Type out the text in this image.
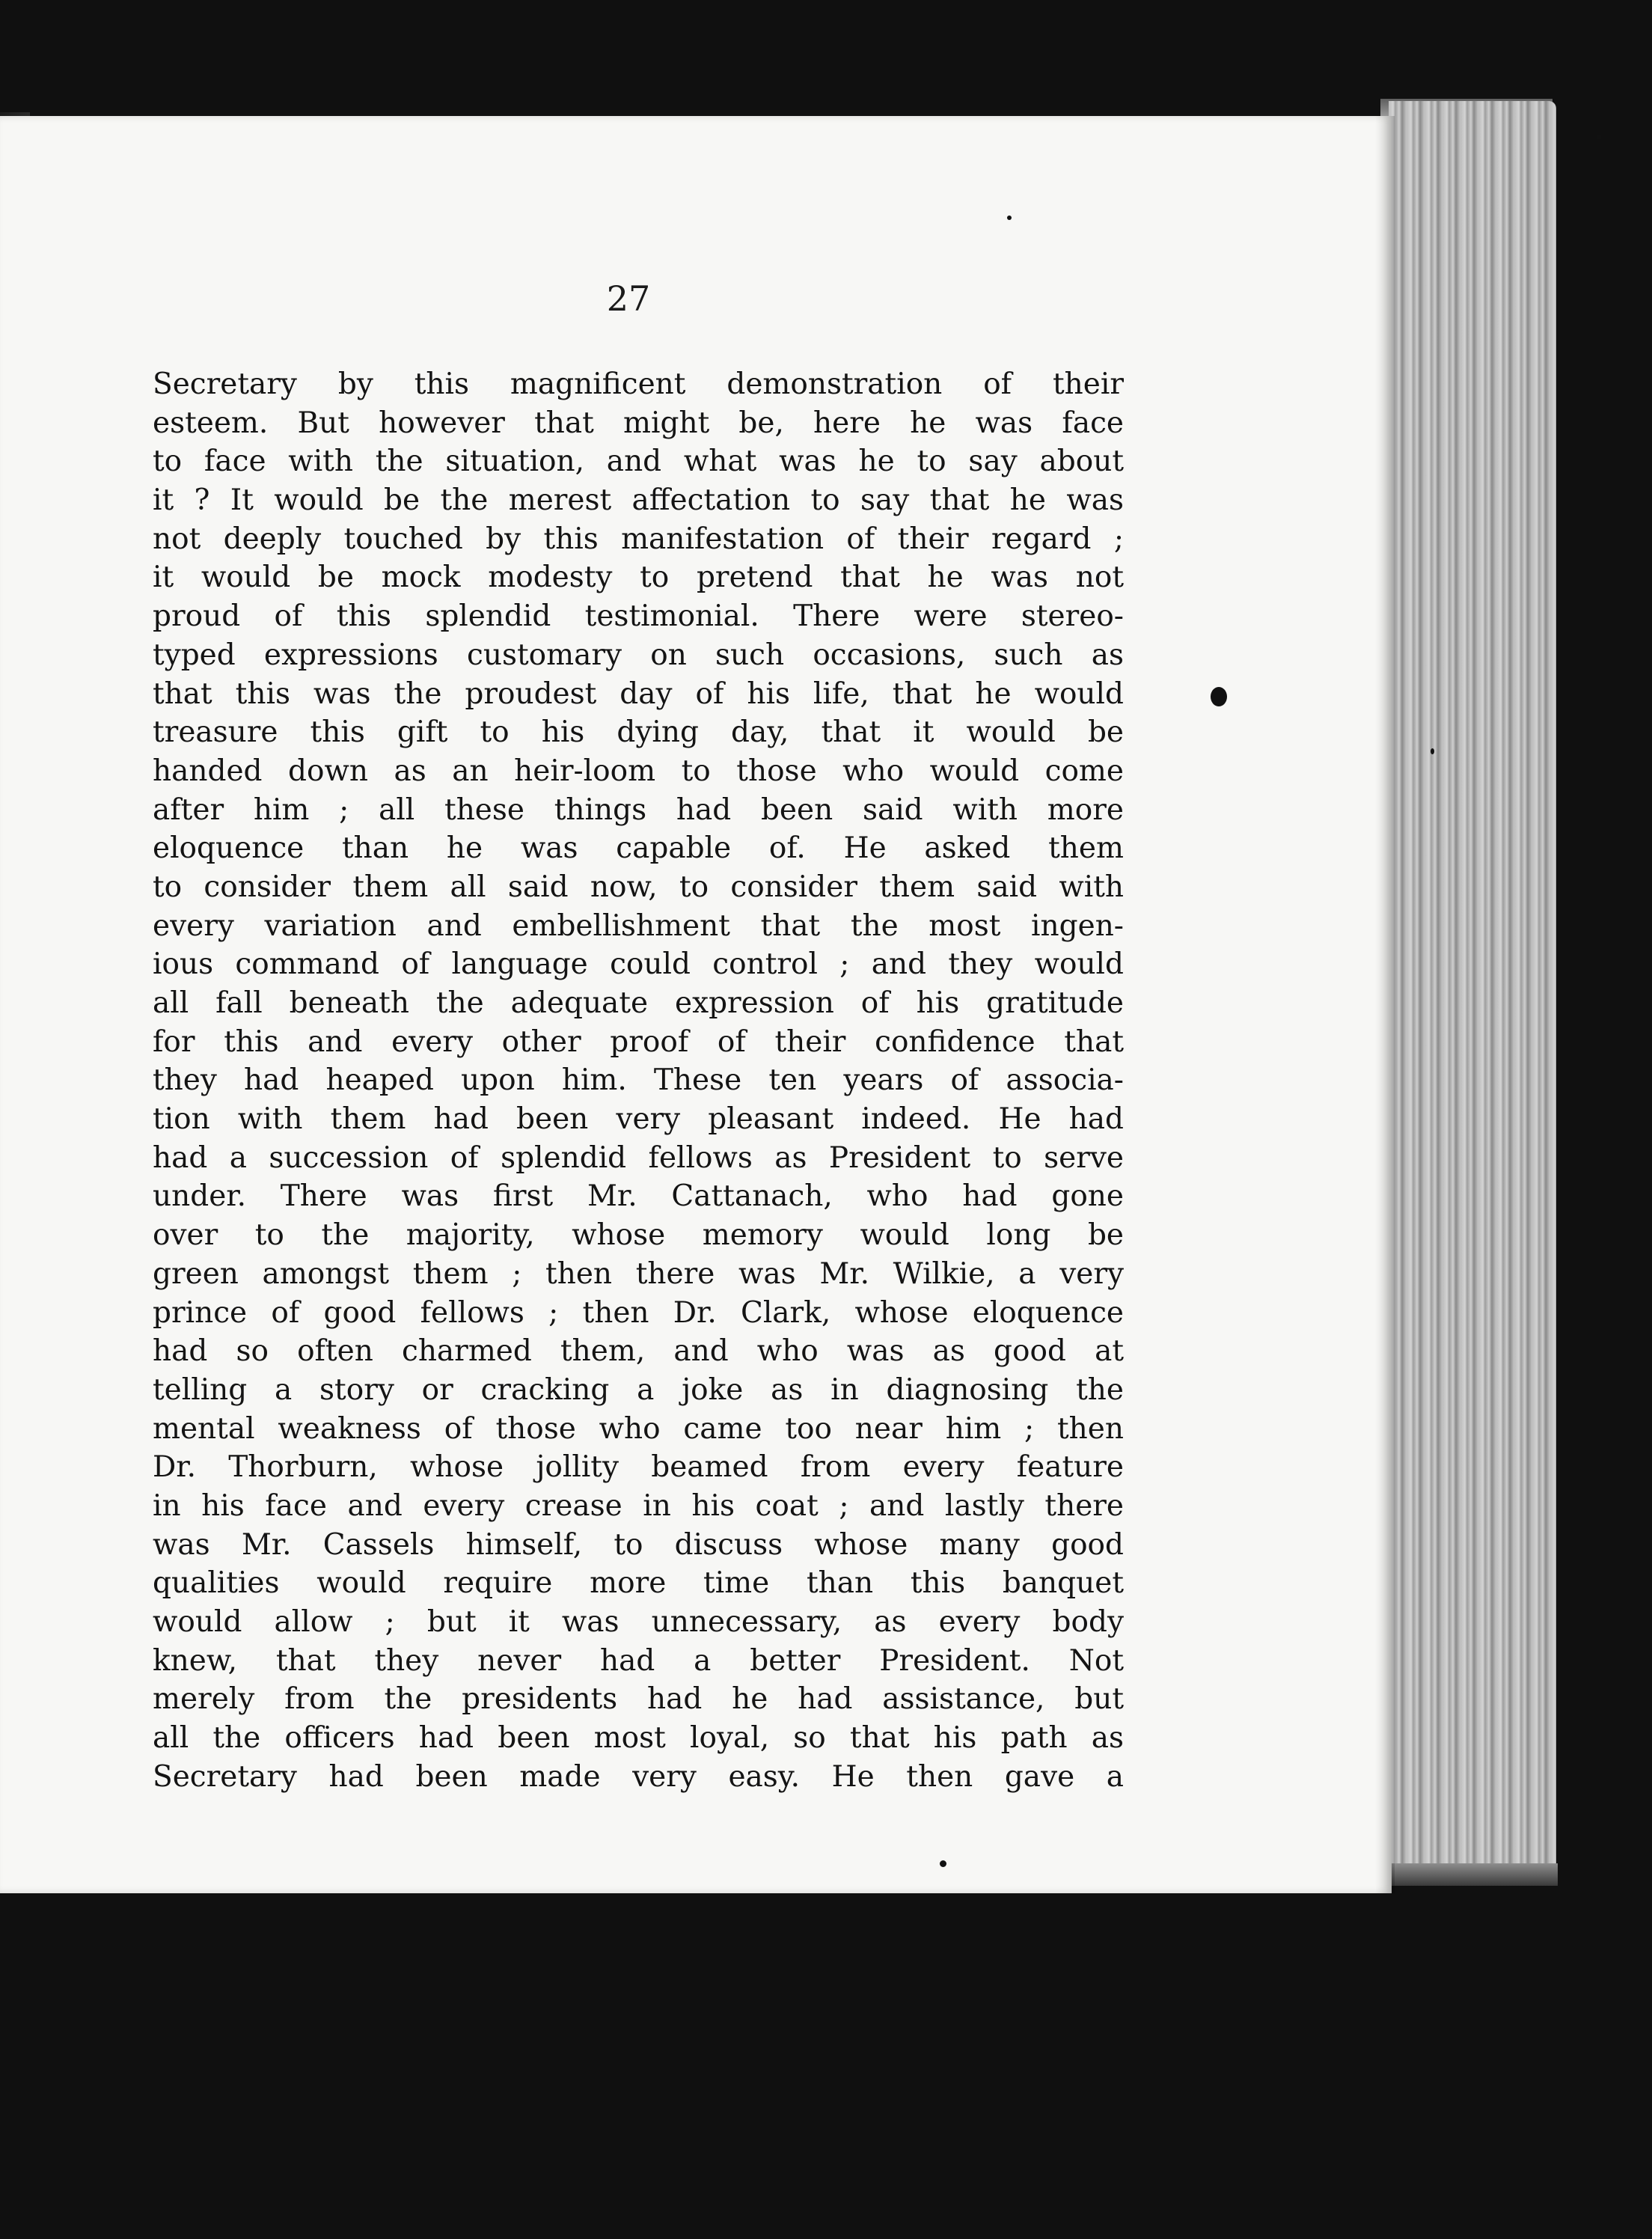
27
Secretary by this magnificent demonstration of their
esteem. But however that might be, here he was face
to face with the situation, and what was he to say about
it ? It would be the merest affectation to say that he was
not deeply touched by this manifestation of their regard ;
it would be mock modesty to pretend that he was not
proud of this splendid testimonial. There were stereo-
typed expressions customary on such occasions, such as
that this was the proudest day of his life, that he would
treasure this gift to his dying day, that it would be
handed down as an heir-loom to those who would come
after him ; all these things had been said with more
eloquence than he was capable of. He asked them
to consider them all said now, to consider them said with
every variation and embellishment that the most ingen-
ious command of language could control ; and they would
all fall beneath the adequate expression of his gratitude
for this and every other proof of their confidence that
they had heaped upon him. These ten years of associa-
tion with them had been very pleasant indeed. He had
had a succession of splendid fellows as President to serve
under. There was first Mr. Cattanach, who had gone
over to the majority, whose memory would long be
green amongst them ; then there was Mr. Wilkie, a very
prince of good fellows ; then Dr. Clark, whose eloquence
had so often charmed them, and who was as good at
telling a story or cracking a joke as in diagnosing the
mental weakness of those who came too near him ; then
Dr. Thorburn, whose jollity beamed from every feature
in his face and every crease in his coat ; and lastly there
was Mr. Cassels himself, to discuss whose many good
qualities would require more time than this banquet
would allow ; but it was unnecessary, as every body
knew, that they never had a better President. Not
merely from the presidents had he had assistance, but
all the officers had been most loyal, so that his path as
Secretary had been made very easy. He then gave a
